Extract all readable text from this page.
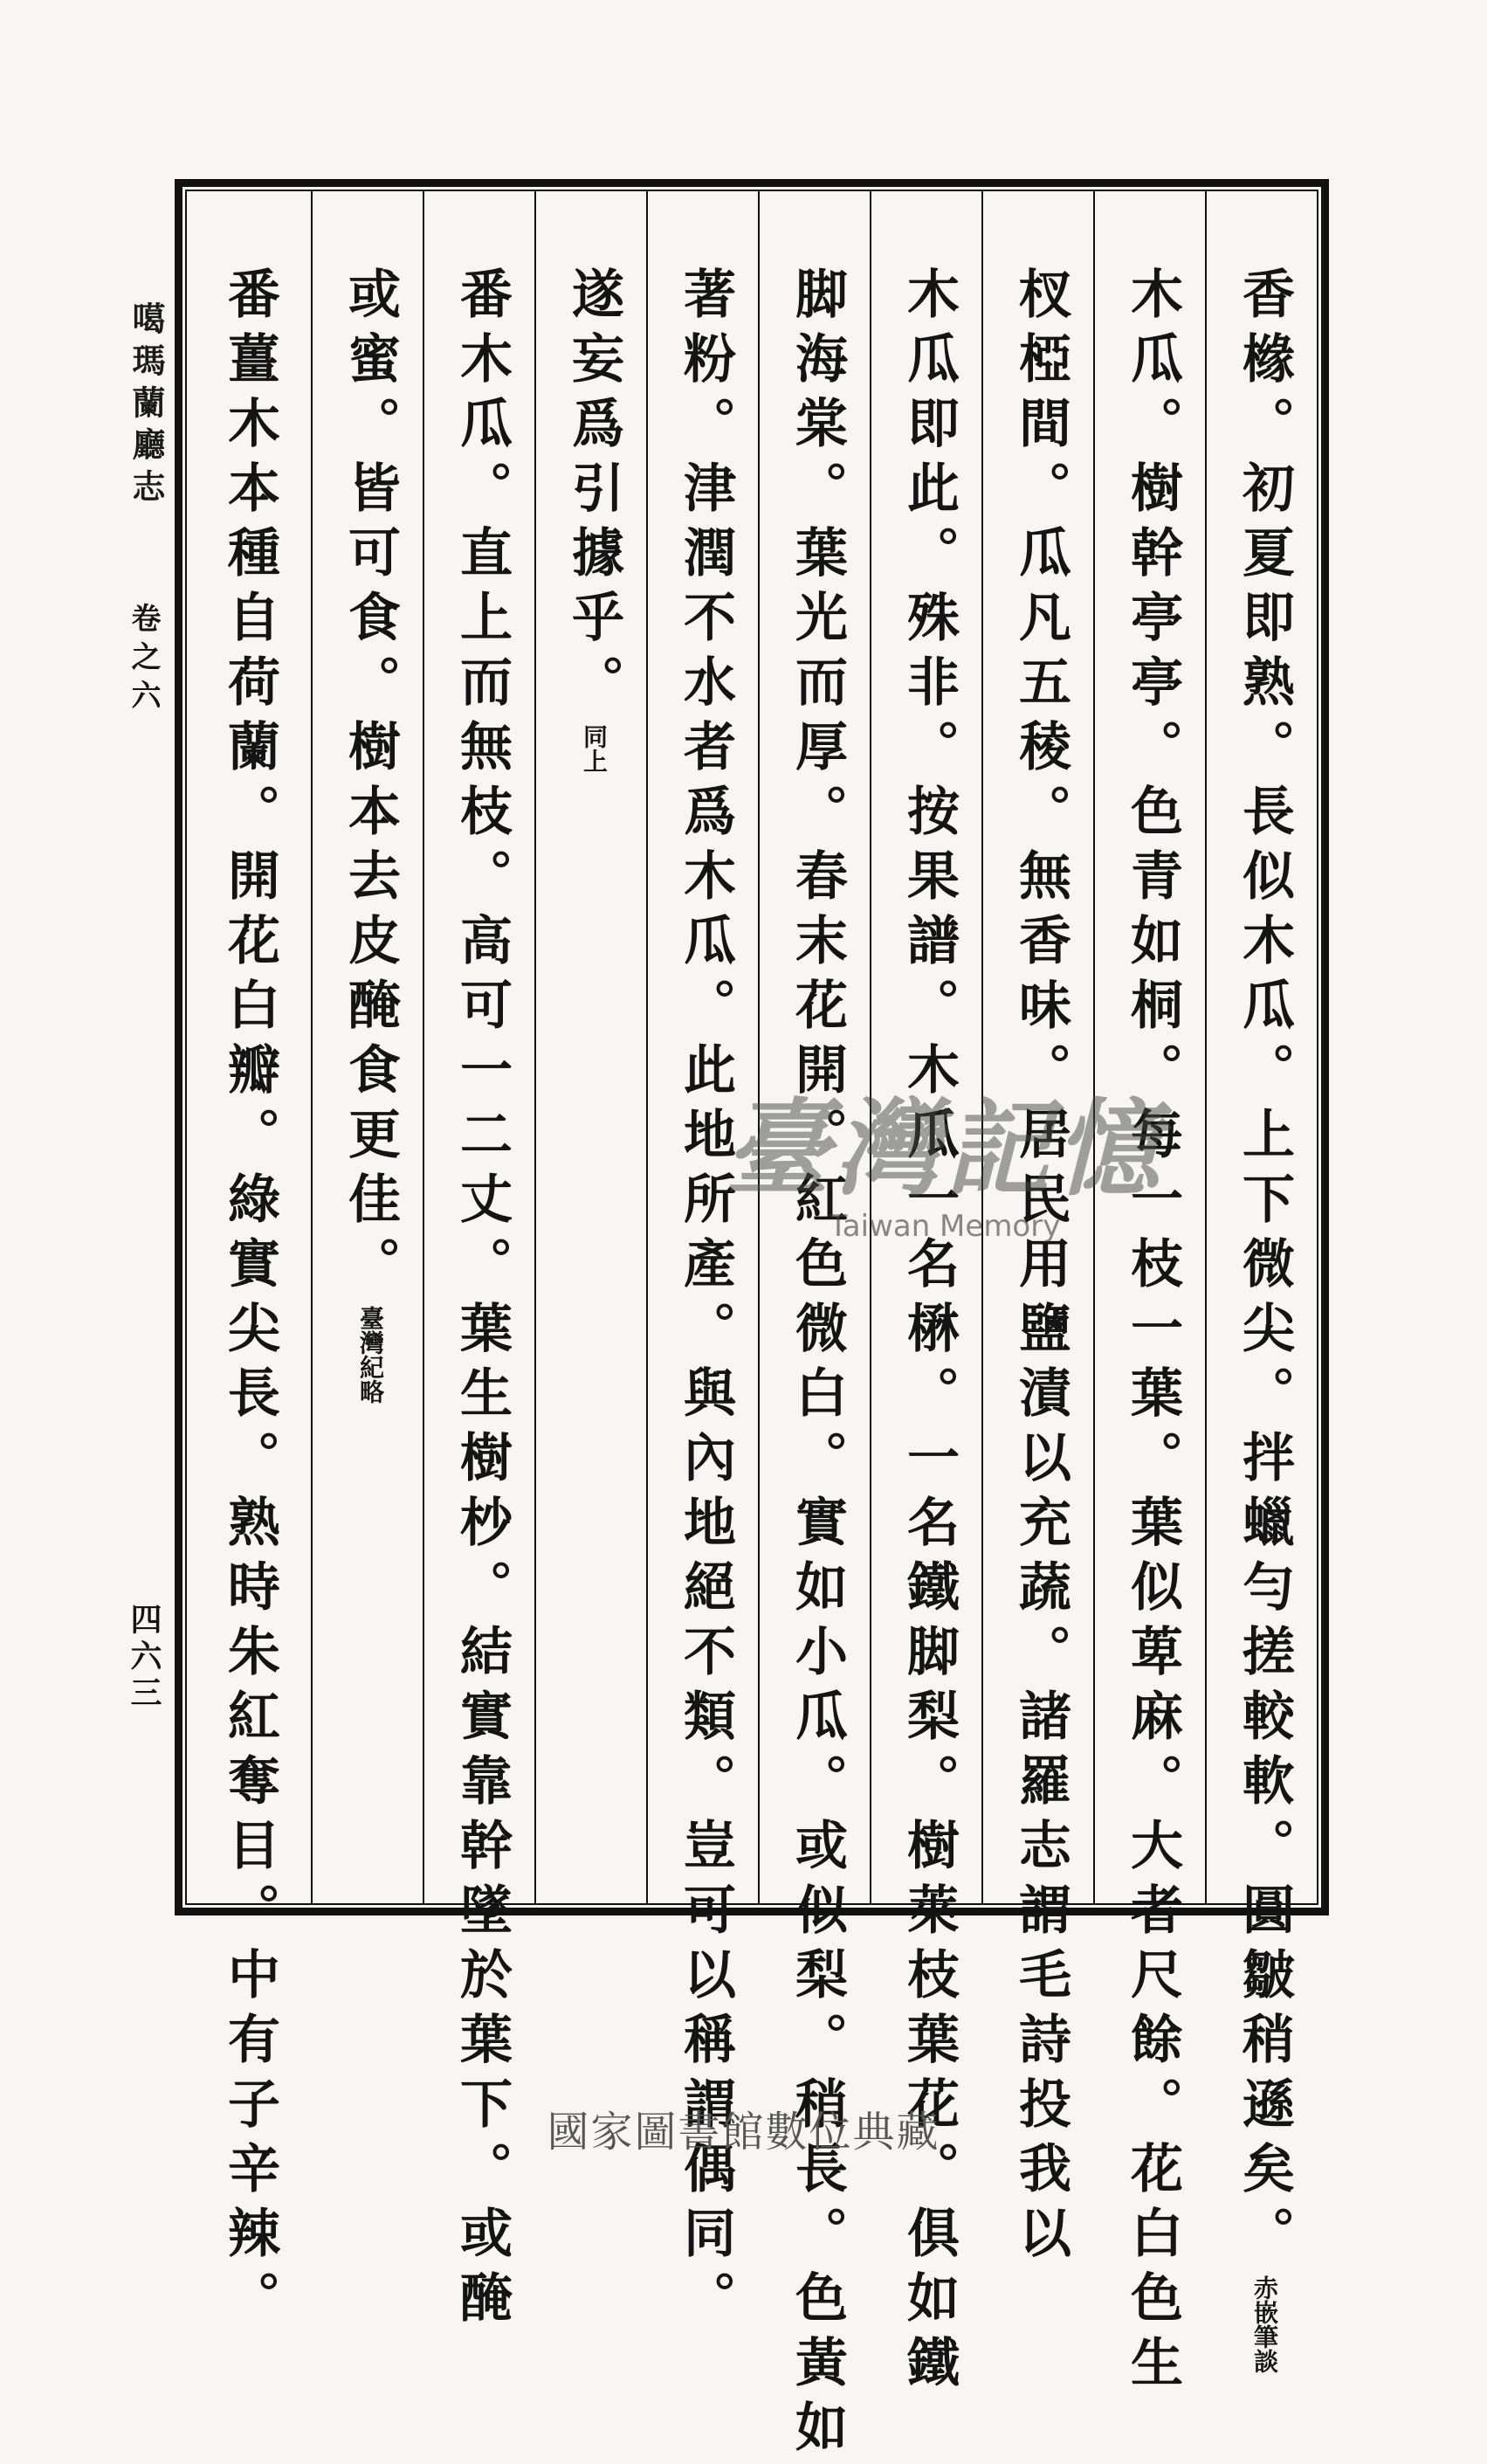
噶瑪蘭廳志
卷之六
四六三	香橼。初夏即熟。長似木瓜。上下微尖。拌蠟勻搓較軟。圓皺稍遜矣。赤嵌筆談
木瓜。樹幹亭亭。色青如桐。每一枝一葉。葉似萆麻。大者尺餘。花白色生
杈椏間。瓜凡五稜。無香味。居民用鹽漬以充蔬。諸羅志謂毛詩投我以
木瓜即此。殊非。按果譜。木瓜一名楙。一名鐵脚梨。樹萊枝葉花。俱如鐵
脚海棠。葉光而厚。春末花開。紅色微白。實如小瓜。或似梨。稍長。色黃如
著粉。津潤不水者爲木瓜。此地所產。與內地絕不類。豈可以稱謂偶同。
遂妄爲引據乎。同上
番木瓜。直上而無枝。高可一二丈。葉生樹杪。結實靠幹墜於葉下。或醃
或蜜。皆可食。樹本去皮醃食更佳。臺灣紀略
番薑木本種自荷蘭。開花白瓣。綠實尖長。熟時朱紅奪目。中有子辛辣。	臺灣記憶
Taiwan Memory
國家圖書館數位典藏
